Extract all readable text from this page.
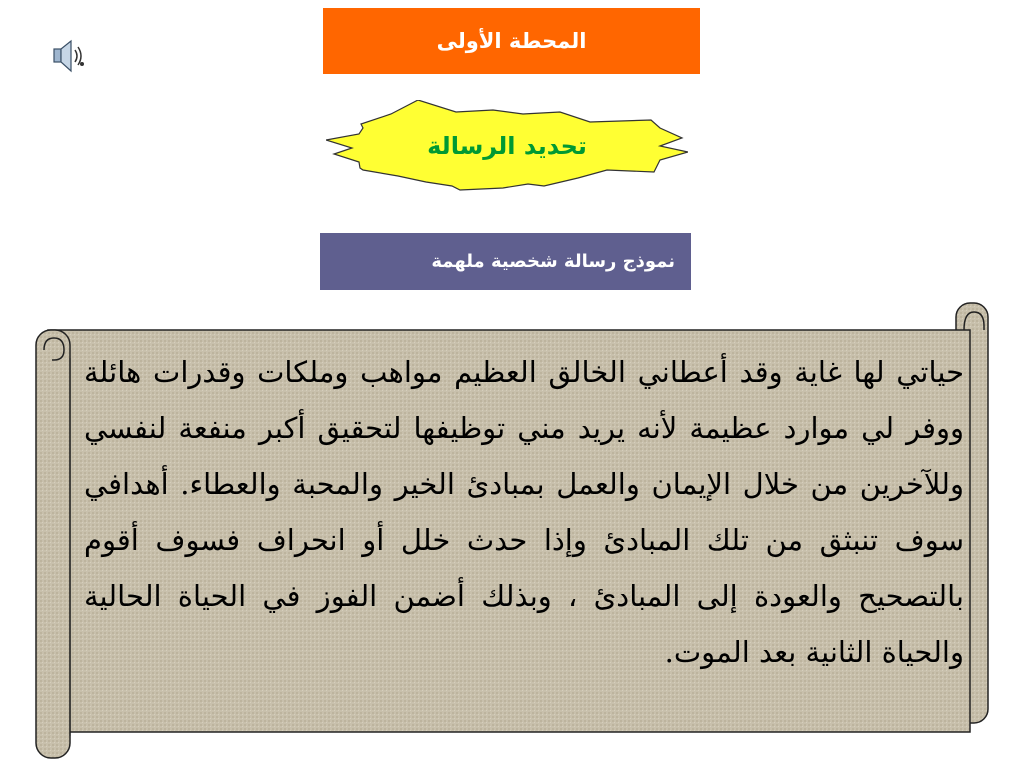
المحطة الأولى
تحديد الرسالة
نموذج رسالة شخصية ملهمة

حياتي لها غاية وقد أعطاني الخالق العظيم مواهب وملكات وقدرات هائلة ووفر لي موارد عظيمة لأنه يريد مني توظيفها لتحقيق أكبر منفعة لنفسي وللآخرين من خلال الإيمان والعمل بمبادئ الخير والمحبة والعطاء. أهدافي سوف تنبثق من تلك المبادئ وإذا حدث خلل أو انحراف فسوف أقوم بالتصحيح والعودة إلى المبادئ ، وبذلك أضمن الفوز في الحياة الحالية والحياة الثانية بعد الموت.
